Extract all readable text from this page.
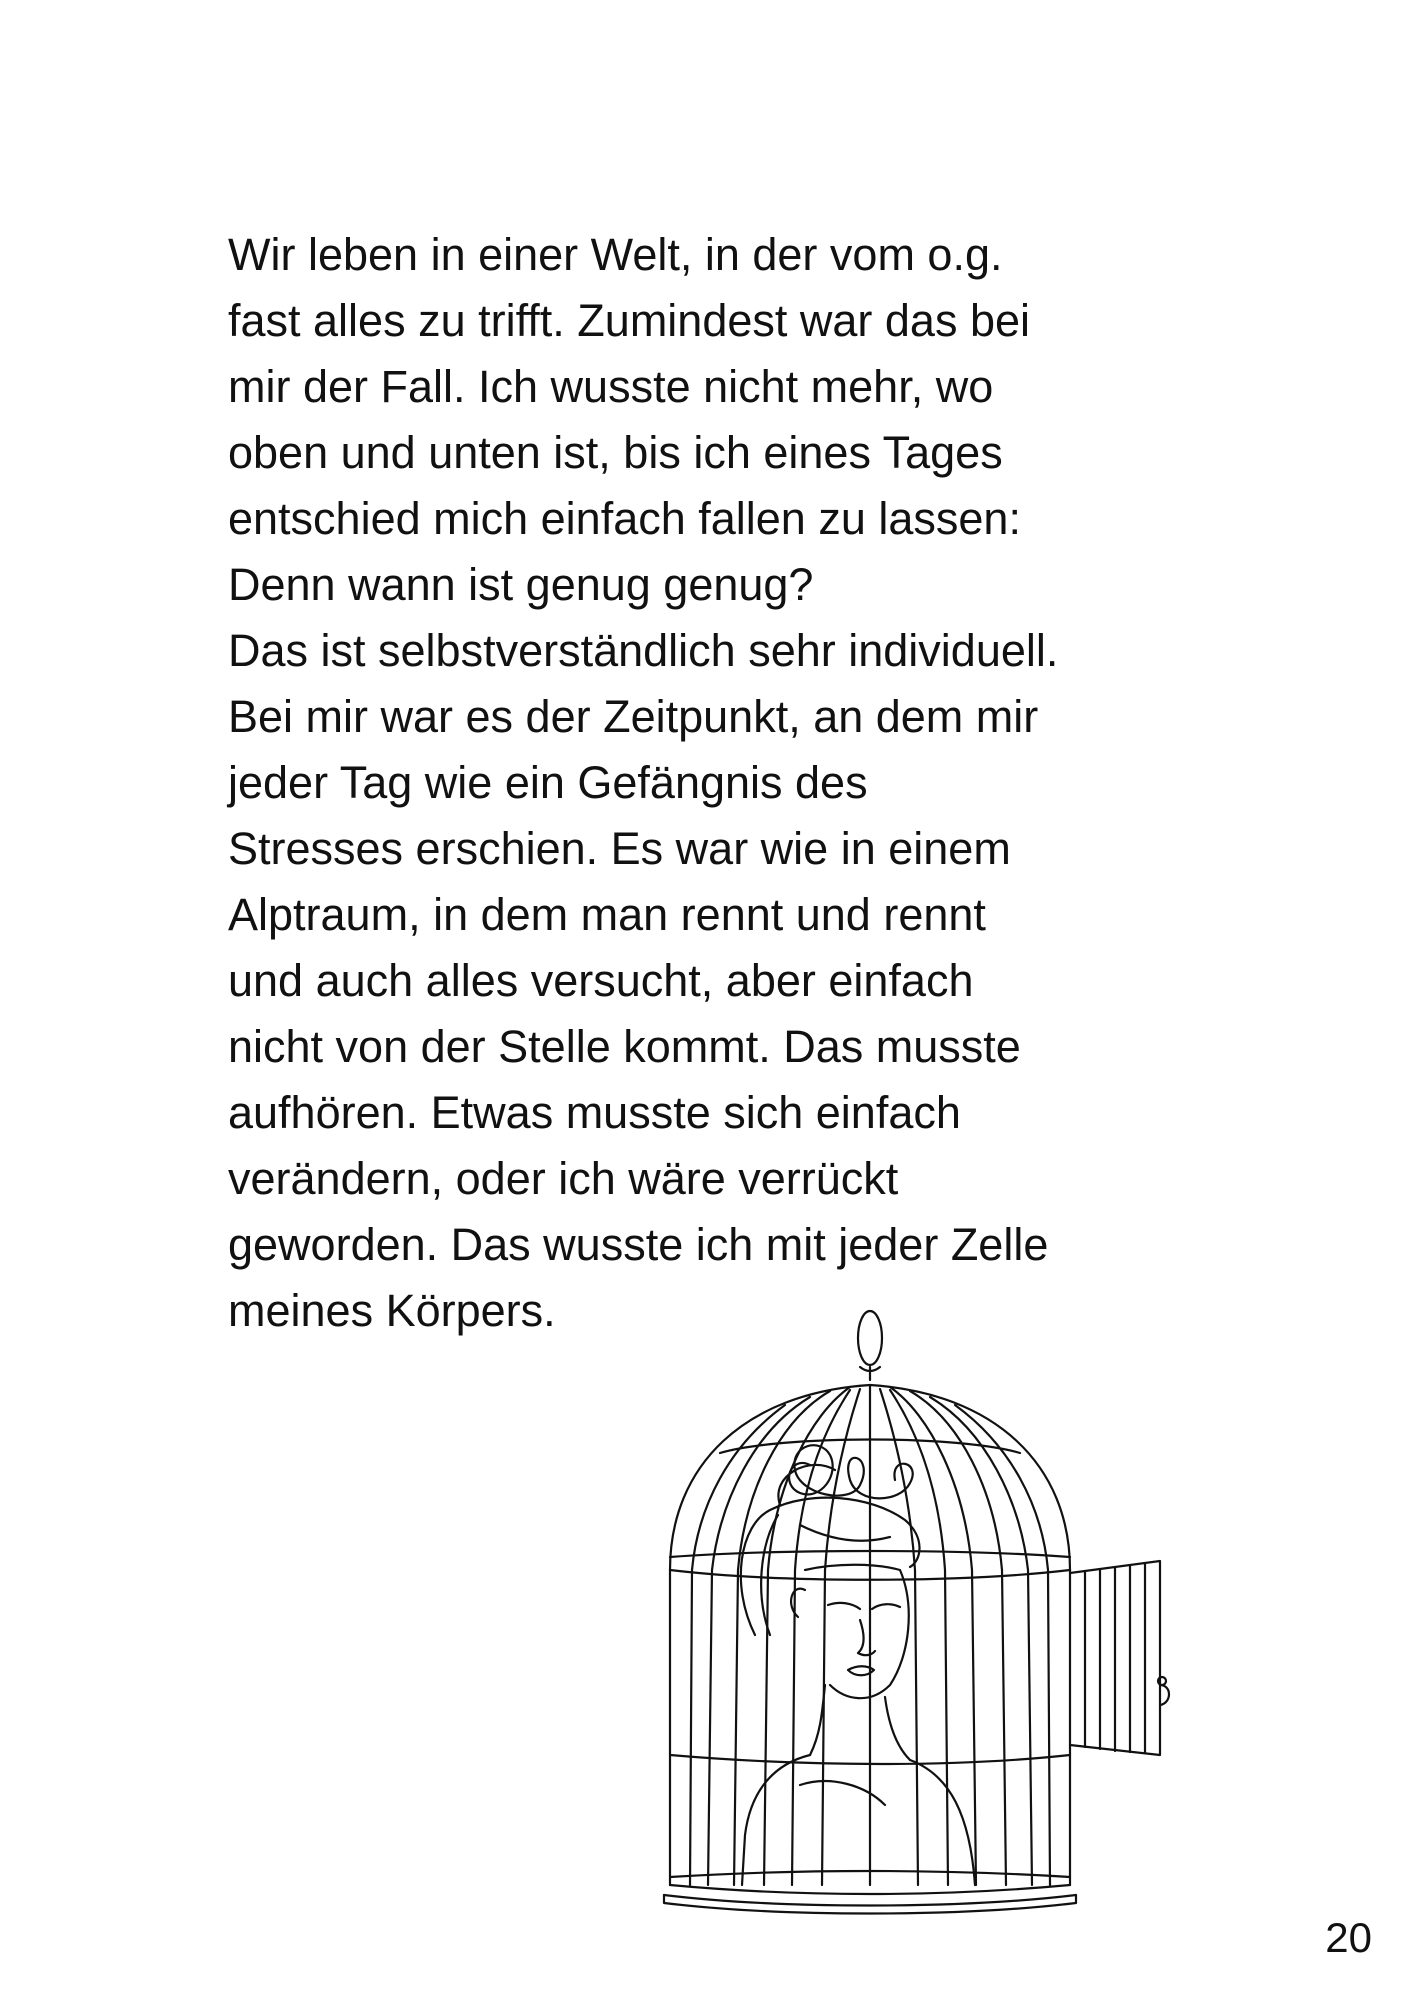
Wir leben in einer Welt, in der vom o.g.
fast alles zu trifft. Zumindest war das bei
mir der Fall. Ich wusste nicht mehr, wo
oben und unten ist, bis ich eines Tages
entschied mich einfach fallen zu lassen:
Denn wann ist genug genug?
Das ist selbstverständlich sehr individuell.
Bei mir war es der Zeitpunkt, an dem mir
jeder Tag wie ein Gefängnis des
Stresses erschien. Es war wie in einem
Alptraum, in dem man rennt und rennt
und auch alles versucht, aber einfach
nicht von der Stelle kommt. Das musste
aufhören. Etwas musste sich einfach
verändern, oder ich wäre verrückt
geworden. Das wusste ich mit jeder Zelle
meines Körpers.

20
